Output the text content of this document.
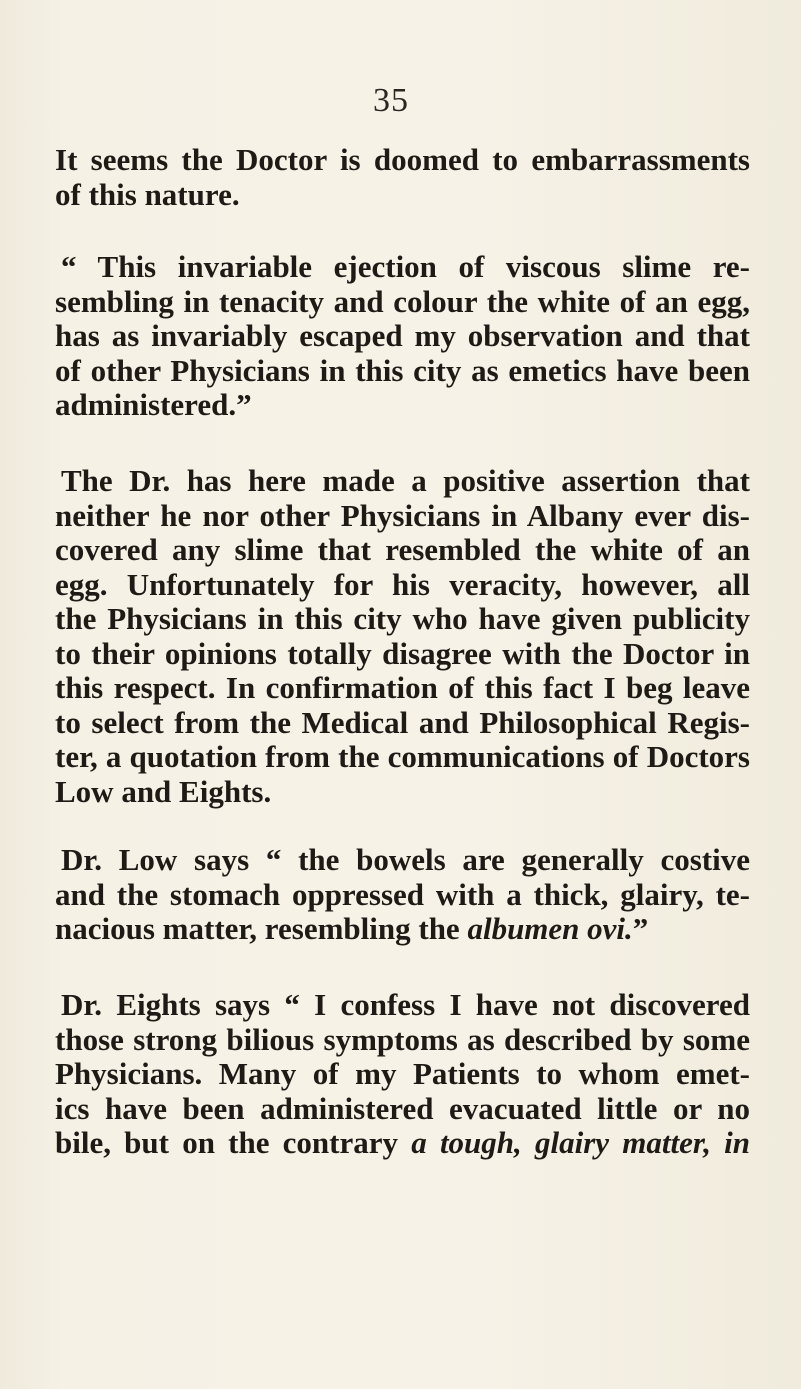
35
It seems the Doctor is doomed to embarrassments
of this nature.
“ This invariable ejection of viscous slime re-
sembling in tenacity and colour the white of an egg,
has as invariably escaped my observation and that
of other Physicians in this city as emetics have been
administered.”
The Dr. has here made a positive assertion that
neither he nor other Physicians in Albany ever dis-
covered any slime that resembled the white of an
egg. Unfortunately for his veracity, however, all
the Physicians in this city who have given publicity
to their opinions totally disagree with the Doctor in
this respect. In confirmation of this fact I beg leave
to select from the Medical and Philosophical Regis-
ter, a quotation from the communications of Doctors
Low and Eights.
Dr. Low says “ the bowels are generally costive
and the stomach oppressed with a thick, glairy, te-
nacious matter, resembling the albumen ovi.”
Dr. Eights says “ I confess I have not discovered
those strong bilious symptoms as described by some
Physicians. Many of my Patients to whom emet-
ics have been administered evacuated little or no
bile, but on the contrary a tough, glairy matter, in
